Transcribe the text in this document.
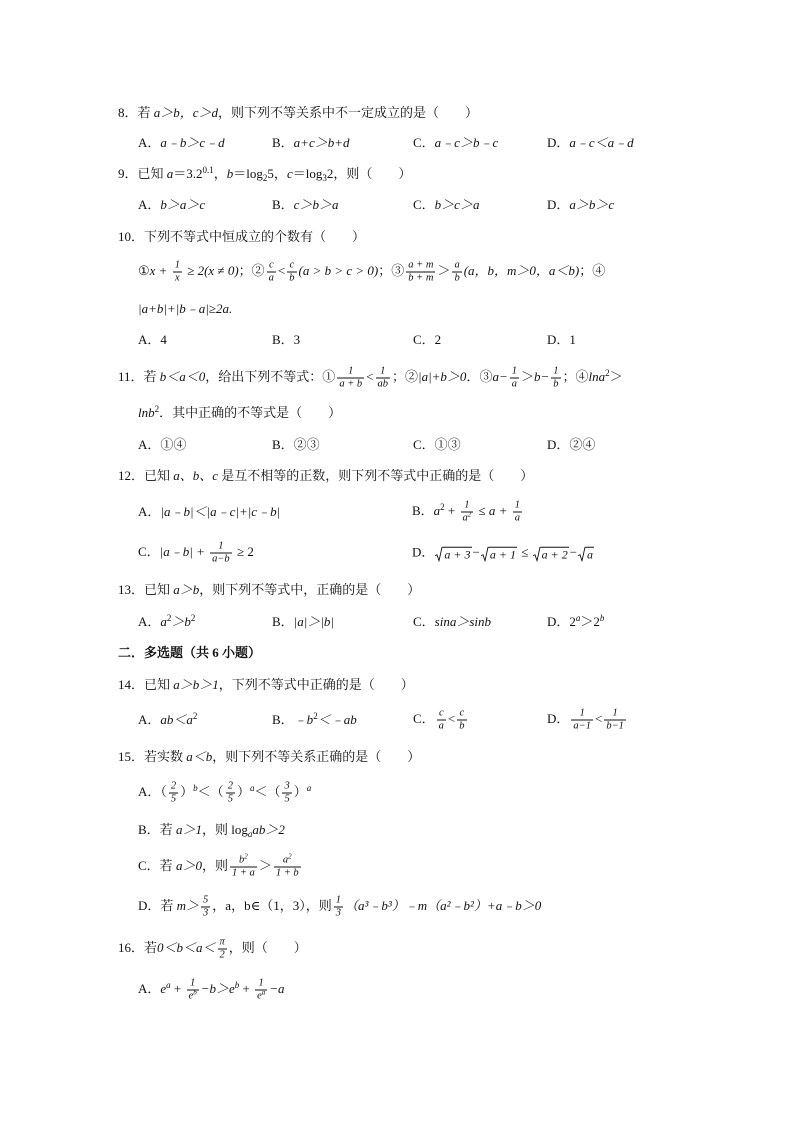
8．若 a＞b，c＞d，则下列不等关系中不一定成立的是（　　）
A．a﹣b＞c﹣d	B．a+c＞b+d	C．a﹣c＞b﹣c	D．a﹣c＜a﹣d
9．已知 $a=3.2^{0.1}$，$b=\log_25$，$c=\log_32$，则（　　）
A．b＞a＞c	B．c＞b＞a	C．b＞c＞a	D．a＞b＞c
10．下列不等式中恒成立的个数有（　　）
①x + $\frac{1}{x} \ge 2(x \ne 0)$；② $\frac{c}{a} < \frac{c}{b} (a > b > c > 0)$；③ $\frac{a + m}{b + m} > \frac{a}{b} (a$，b，m＞0，a＜b)；④
|a+b|+|b﹣a|≥2a.
A．4	B．3	C．2	D．1
11．若 b＜a＜0，给出下列不等式：① $\frac{1}{a + b} < \frac{1}{ab}$ ；②|a|+b＞0．③a− $\frac{1}{a} >b- \frac{1}{b}$ ；④lna$^2$＞
lnb$^2$．其中正确的不等式是（　　）
A．①④	B．②③	C．①③	D．②④
12．已知 a、b、c 是互不相等的正数，则下列不等式中正确的是（　　）
A．|a﹣b|＜|a﹣c|+|c﹣b|	B．$a^2 + \frac{1}{a^2} \le a + \frac{1}{a}$
C．|a﹣b| + $\frac{1}{a-b} \ge 2$	D． a + 3 − a + 1 ≤ a + 2 − a
13．已知 a＞b，则下列不等式中，正确的是（　　）
A．$a^2>b^2$	B．|a|＞|b|	C．sina＞sinb	D．$2^a>2^b$
二．多选题（共 6 小题）
14．已知 a＞b＞1，下列不等式中正确的是（　　）
A．$ab<a^2$	B．$﹣b^2<﹣ab$	C． $\frac{c}{a} < \frac{c}{b}$	D． $\frac{1}{a-1} < \frac{1}{b-1}$
15．若实数 a＜b，则下列不等关系正确的是（　　）
A．（ $\frac{2}{5} )^b<( \frac{2}{5} )^a<( \frac{3}{5} )^a$
B．若 a＞1，则 $\log_aab>2$
C．若 a＞0，则 $\frac{b^2}{1 + a} > \frac{a^2}{1 + b}$
D．若 $m> \frac{5}{3}$ ，a，b∈（1，3），则 $\frac{1}{3}$ （a³﹣b³）﹣m（a²﹣b²）+a﹣b＞0
16．若$0<b<a< \frac{\pi}{2}$ ，则（　　）
A．$e^a + \frac{1}{e^b} -b>e^b + \frac{1}{e^a} -a$
